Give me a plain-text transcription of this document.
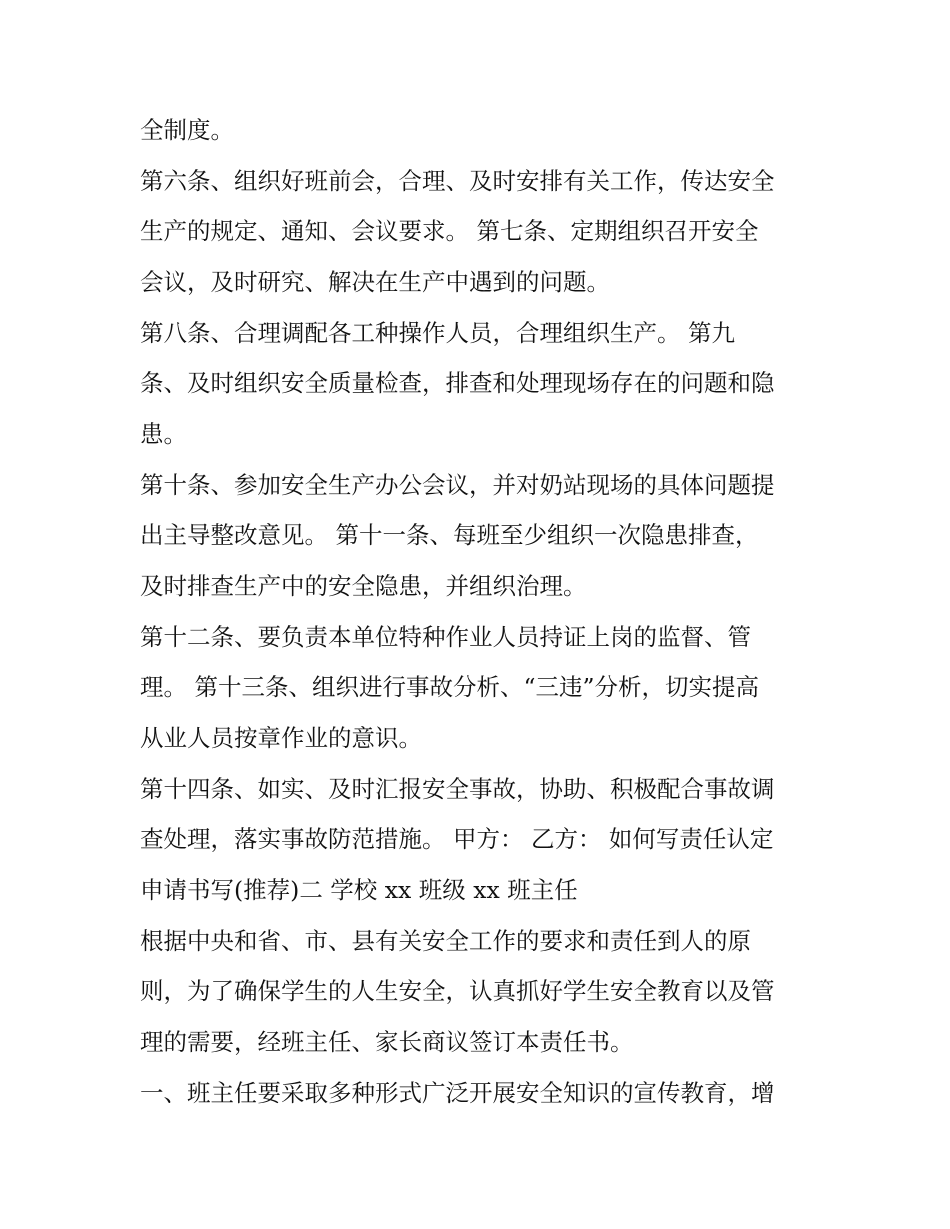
全制度。
第六条、组织好班前会，合理、及时安排有关工作，传达安全
生产的规定、通知、会议要求。 第七条、定期组织召开安全
会议，及时研究、解决在生产中遇到的问题。
第八条、合理调配各工种操作人员，合理组织生产。 第九
条、及时组织安全质量检查，排查和处理现场存在的问题和隐
患。
第十条、参加安全生产办公会议，并对奶站现场的具体问题提
出主导整改意见。 第十一条、每班至少组织一次隐患排查，
及时排查生产中的安全隐患，并组织治理。
第十二条、要负责本单位特种作业人员持证上岗的监督、管
理。 第十三条、组织进行事故分析、“三违”分析，切实提高
从业人员按章作业的意识。
第十四条、如实、及时汇报安全事故，协助、积极配合事故调
查处理，落实事故防范措施。 甲方： 乙方： 如何写责任认定
申请书写(推荐)二 学校 xx 班级 xx 班主任
根据中央和省、市、县有关安全工作的要求和责任到人的原
则，为了确保学生的人生安全，认真抓好学生安全教育以及管
理的需要，经班主任、家长商议签订本责任书。
一、班主任要采取多种形式广泛开展安全知识的宣传教育，增
